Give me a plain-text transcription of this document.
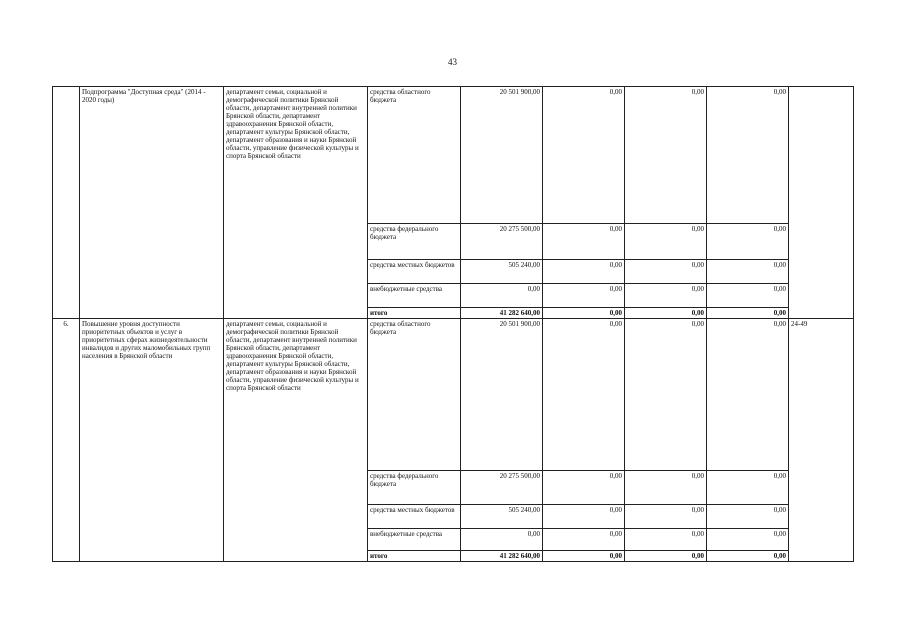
43
	Подпрограмма "Доступная среда" (2014 - 2020 годы)	департамент семьи, социальной и демографической политики Брянской области, департамент внутренней политики Брянской области, департамент здравоохранения Брянской области, департамент культуры Брянской области, департамент образования и науки Брянской области, управление физической культуры и спорта Брянской области	средства областного бюджета	20 501 900,00	0,00	0,00	0,00	
			средства федерального бюджета	20 275 500,00	0,00	0,00	0,00	
			средства местных бюджетов	505 240,00	0,00	0,00	0,00	
			внебюджетные средства	0,00	0,00	0,00	0,00	
			итого	41 282 640,00	0,00	0,00	0,00	
6.	Повышение уровня доступности приоритетных объектов и услуг в приоритетных сферах жизнедеятельности инвалидов и других маломобильных групп населения в Брянской области	департамент семьи, социальной и демографической политики Брянской области, департамент внутренней политики Брянской области, департамент здравоохранения Брянской области, департамент культуры Брянской области, департамент образования и науки Брянской области, управление физической культуры и спорта Брянской области	средства областного бюджета	20 501 900,00	0,00	0,00	0,00	24-49
			средства федерального бюджета	20 275 500,00	0,00	0,00	0,00	
			средства местных бюджетов	505 240,00	0,00	0,00	0,00	
			внебюджетные средства	0,00	0,00	0,00	0,00	
			итого	41 282 640,00	0,00	0,00	0,00	
